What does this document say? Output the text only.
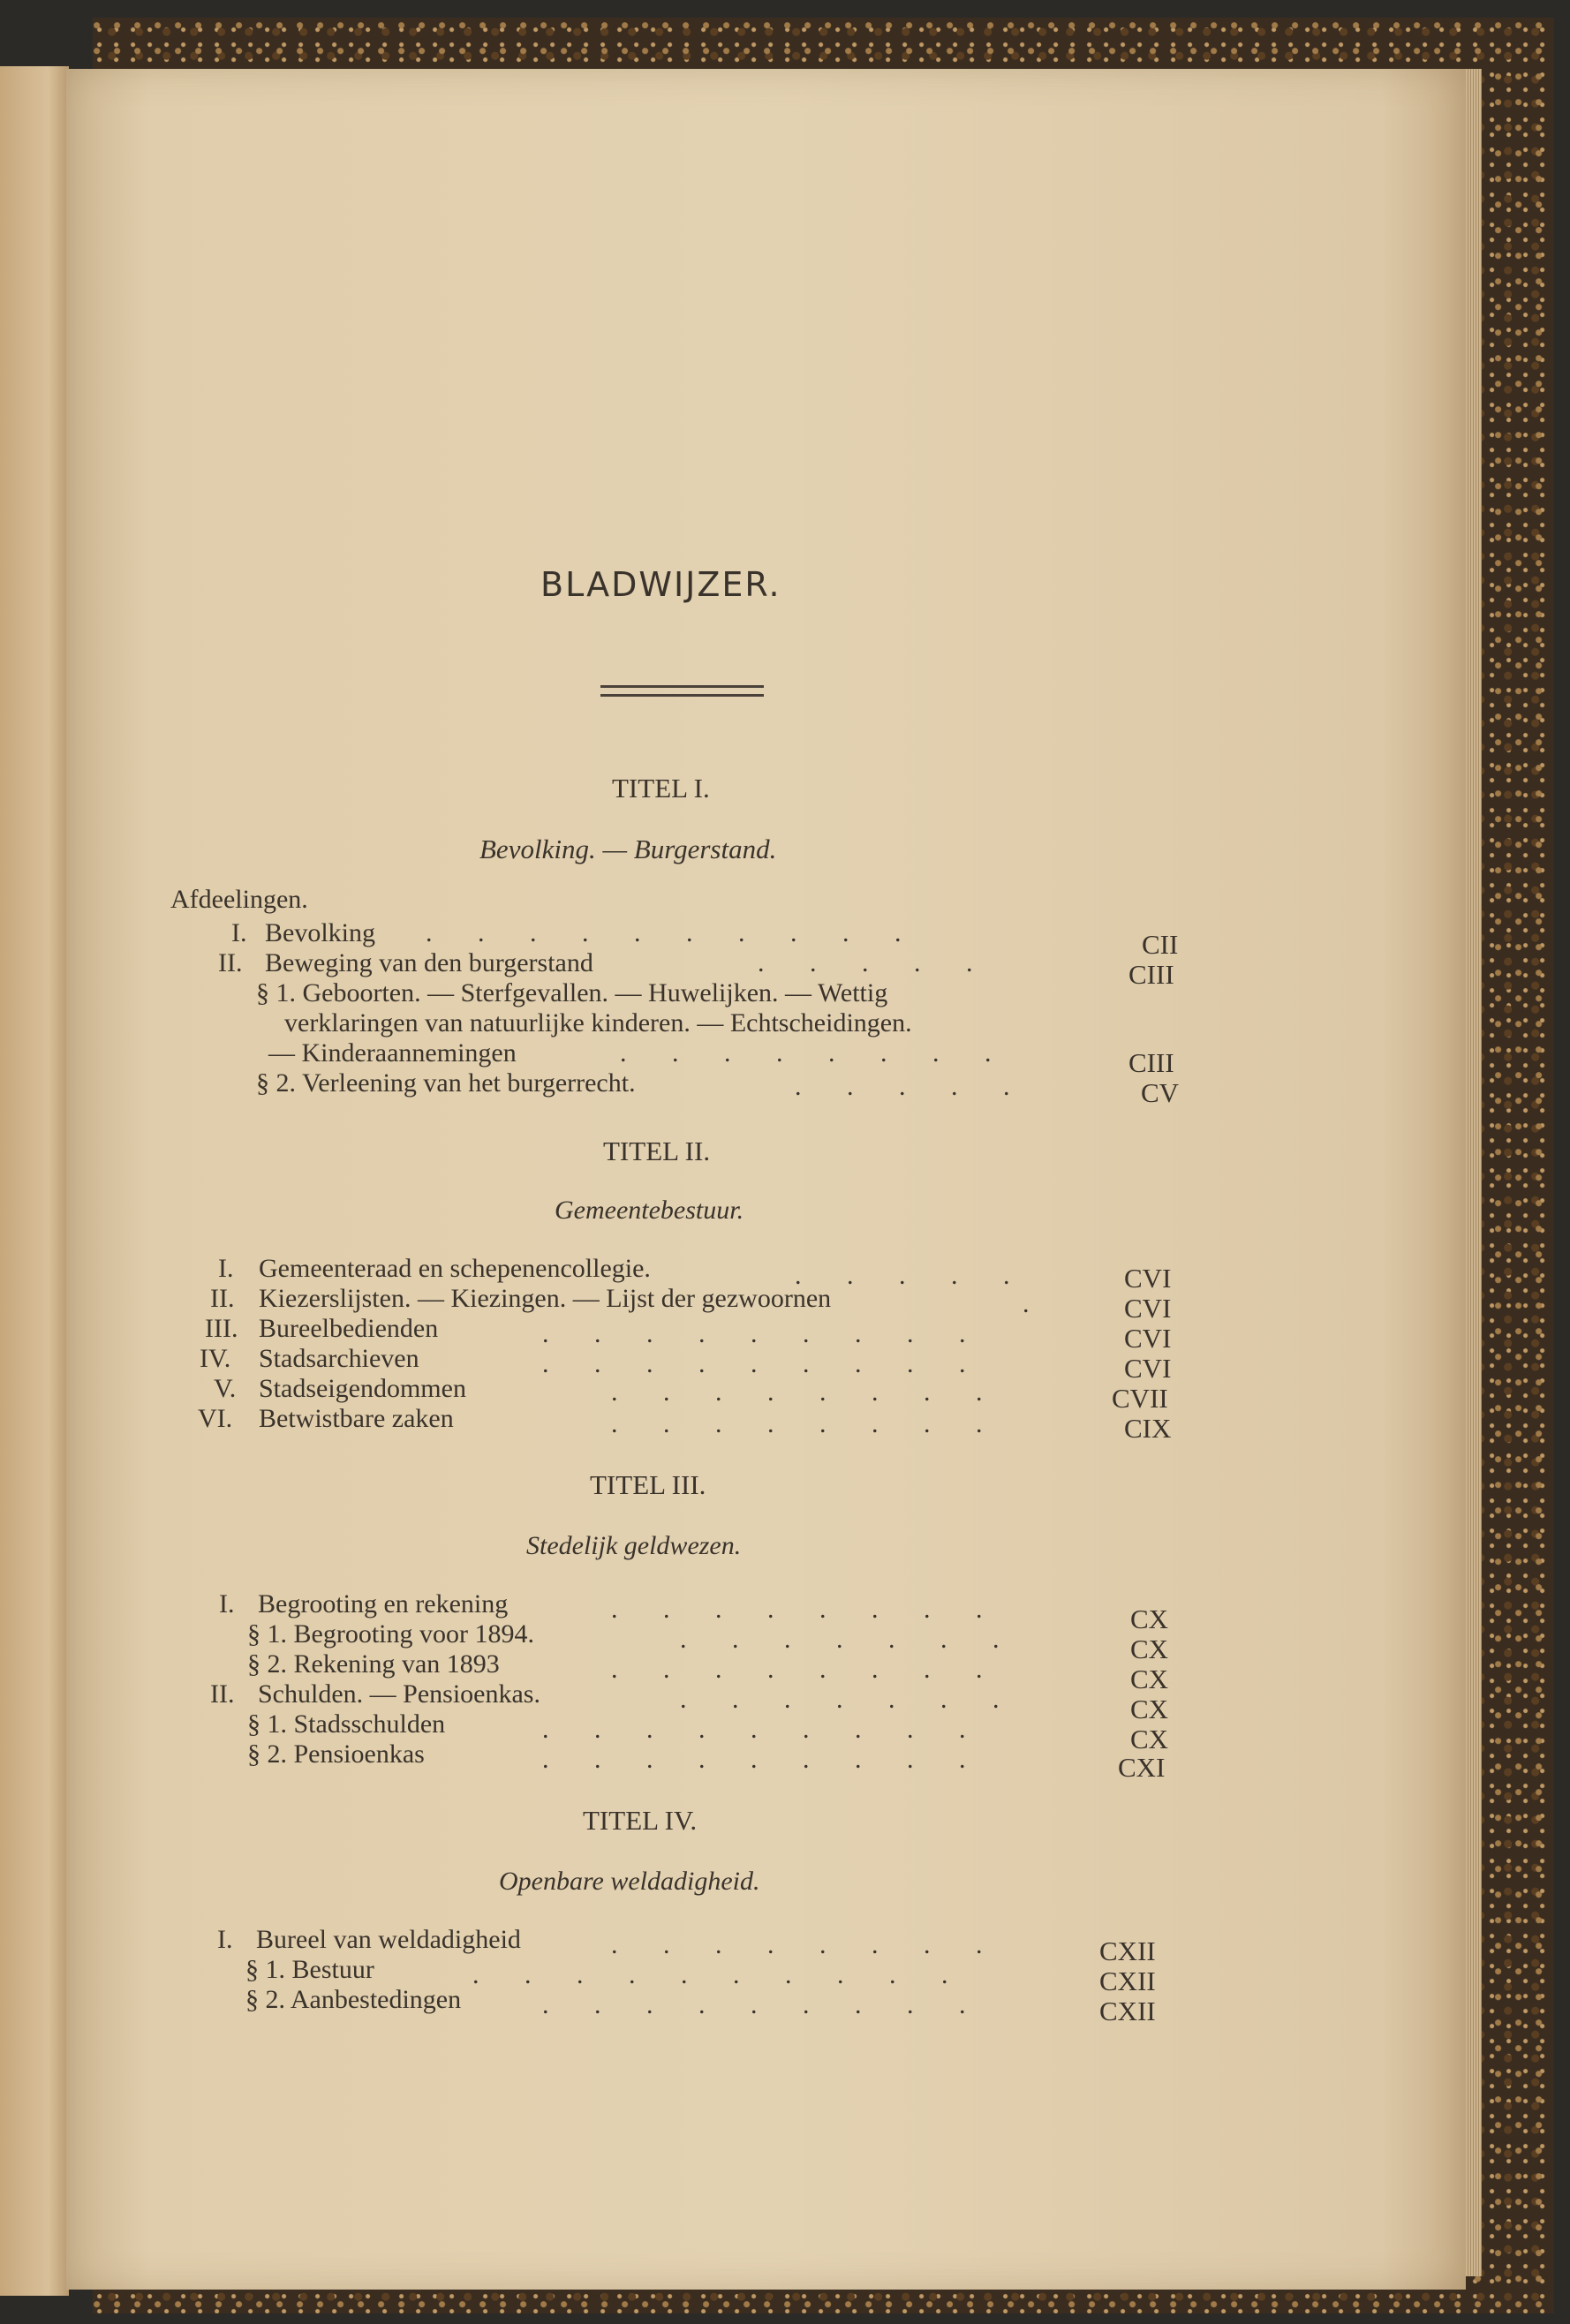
BLADWIJZER.
TITEL I.
Bevolking. — Burgerstand.
Afdeelingen.
I. Bevolking . . . . . . . . . .	CII
II. Beweging van den burgerstand	. . . . .	CIII
§ 1. Geboorten. — Sterfgevallen. — Huwelijken. — Wettig
verklaringen van natuurlijke kinderen. — Echtscheidingen.
— Kinderaannemingen	. . . . . . . .	CIII
§ 2. Verleening van het burgerrecht.	. . . . .	CV
TITEL II.
Gemeentebestuur.
I. Gemeenteraad en schepenencollegie.	. . . . .	CVI
II. Kiezerslijsten. — Kiezingen. — Lijst der gezwoornen	.	CVI
III. Bureelbedienden	. . . . . . . . .	CVI
IV. Stadsarchieven	. . . . . . . . .	CVI
V. Stadseigendommen	. . . . . . . .	CVII
VI. Betwistbare zaken	. . . . . . . .	CIX
TITEL III.
Stedelijk geldwezen.
I. Begrooting en rekening	. . . . . . . .	CX
§ 1. Begrooting voor 1894.	. . . . . . .	CX
§ 2. Rekening van 1893	. . . . . . . .	CX
II. Schulden. — Pensioenkas.	. . . . . . .	CX
§ 1. Stadsschulden	. . . . . . . . .	CX
§ 2. Pensioenkas	. . . . . . . . .	CXI
TITEL IV.
Openbare weldadigheid.
I. Bureel van weldadigheid	. . . . . . . .	CXII
§ 1. Bestuur	. . . . . . . . . .	CXII
§ 2. Aanbestedingen	. . . . . . . . .	CXII
